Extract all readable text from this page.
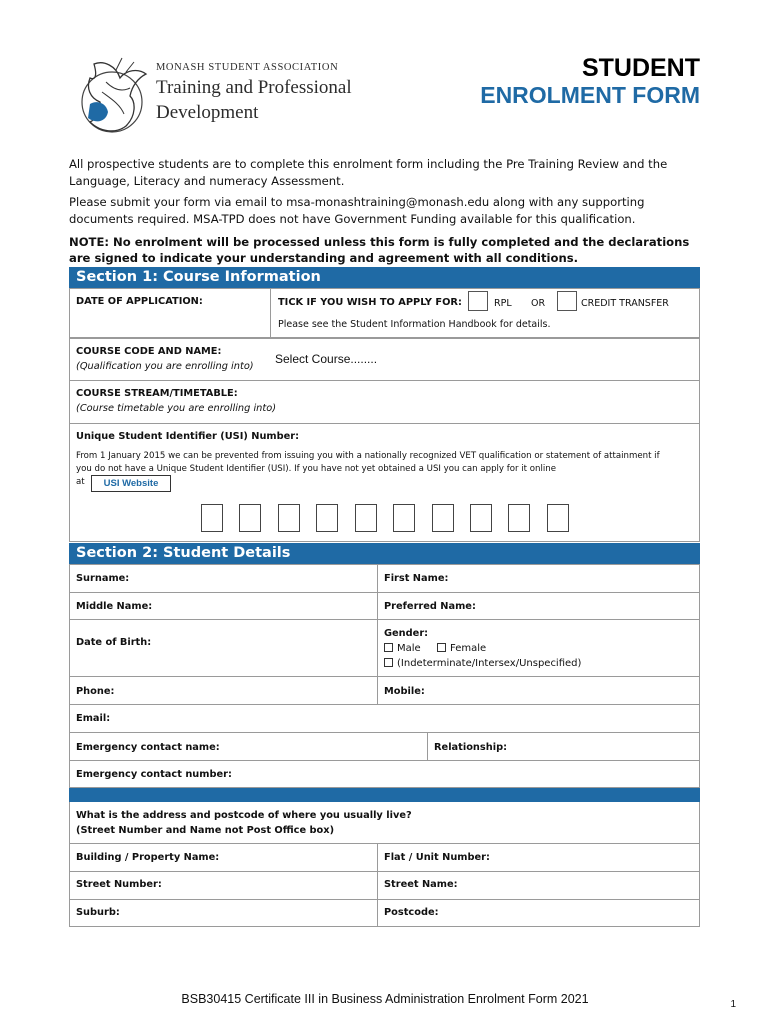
MONASH STUDENT ASSOCIATION
Training and Professional
Development
STUDENT
ENROLMENT FORM
All prospective students are to complete this enrolment form including the Pre Training Review and the Language, Literacy and numeracy Assessment.
Please submit your form via email to msa-monashtraining@monash.edu along with any supporting documents required. MSA-TPD does not have Government Funding available for this qualification.
NOTE: No enrolment will be processed unless this form is fully completed and the declarations are signed to indicate your understanding and agreement with all conditions.
Section 1: Course Information
DATE OF APPLICATION:	TICK IF YOU WISH TO APPLY FOR:	RPL OR	CREDIT TRANSFER
Please see the Student Information Handbook for details.
COURSE CODE AND NAME:
(Qualification you are enrolling into)
Select Course........
COURSE STREAM/TIMETABLE:
(Course timetable you are enrolling into)
Unique Student Identifier (USI) Number:
From 1 January 2015 we can be prevented from issuing you with a nationally recognized VET qualification or statement of attainment if you do not have a Unique Student Identifier (USI). If you have not yet obtained a USI you can apply for it online
at	USI Website
Section 2: Student Details
Surname:	First Name:
Middle Name:	Preferred Name:
Date of Birth:
Gender:
Male	Female
(Indeterminate/Intersex/Unspecified)
Phone:	Mobile:
Email:
Emergency contact name:	Relationship:
Emergency contact number:
What is the address and postcode of where you usually live?
(Street Number and Name not Post Office box)
Building / Property Name:	Flat / Unit Number:
Street Number:	Street Name:
Suburb:	Postcode:
BSB30415 Certificate III in Business Administration Enrolment Form 2021	1
